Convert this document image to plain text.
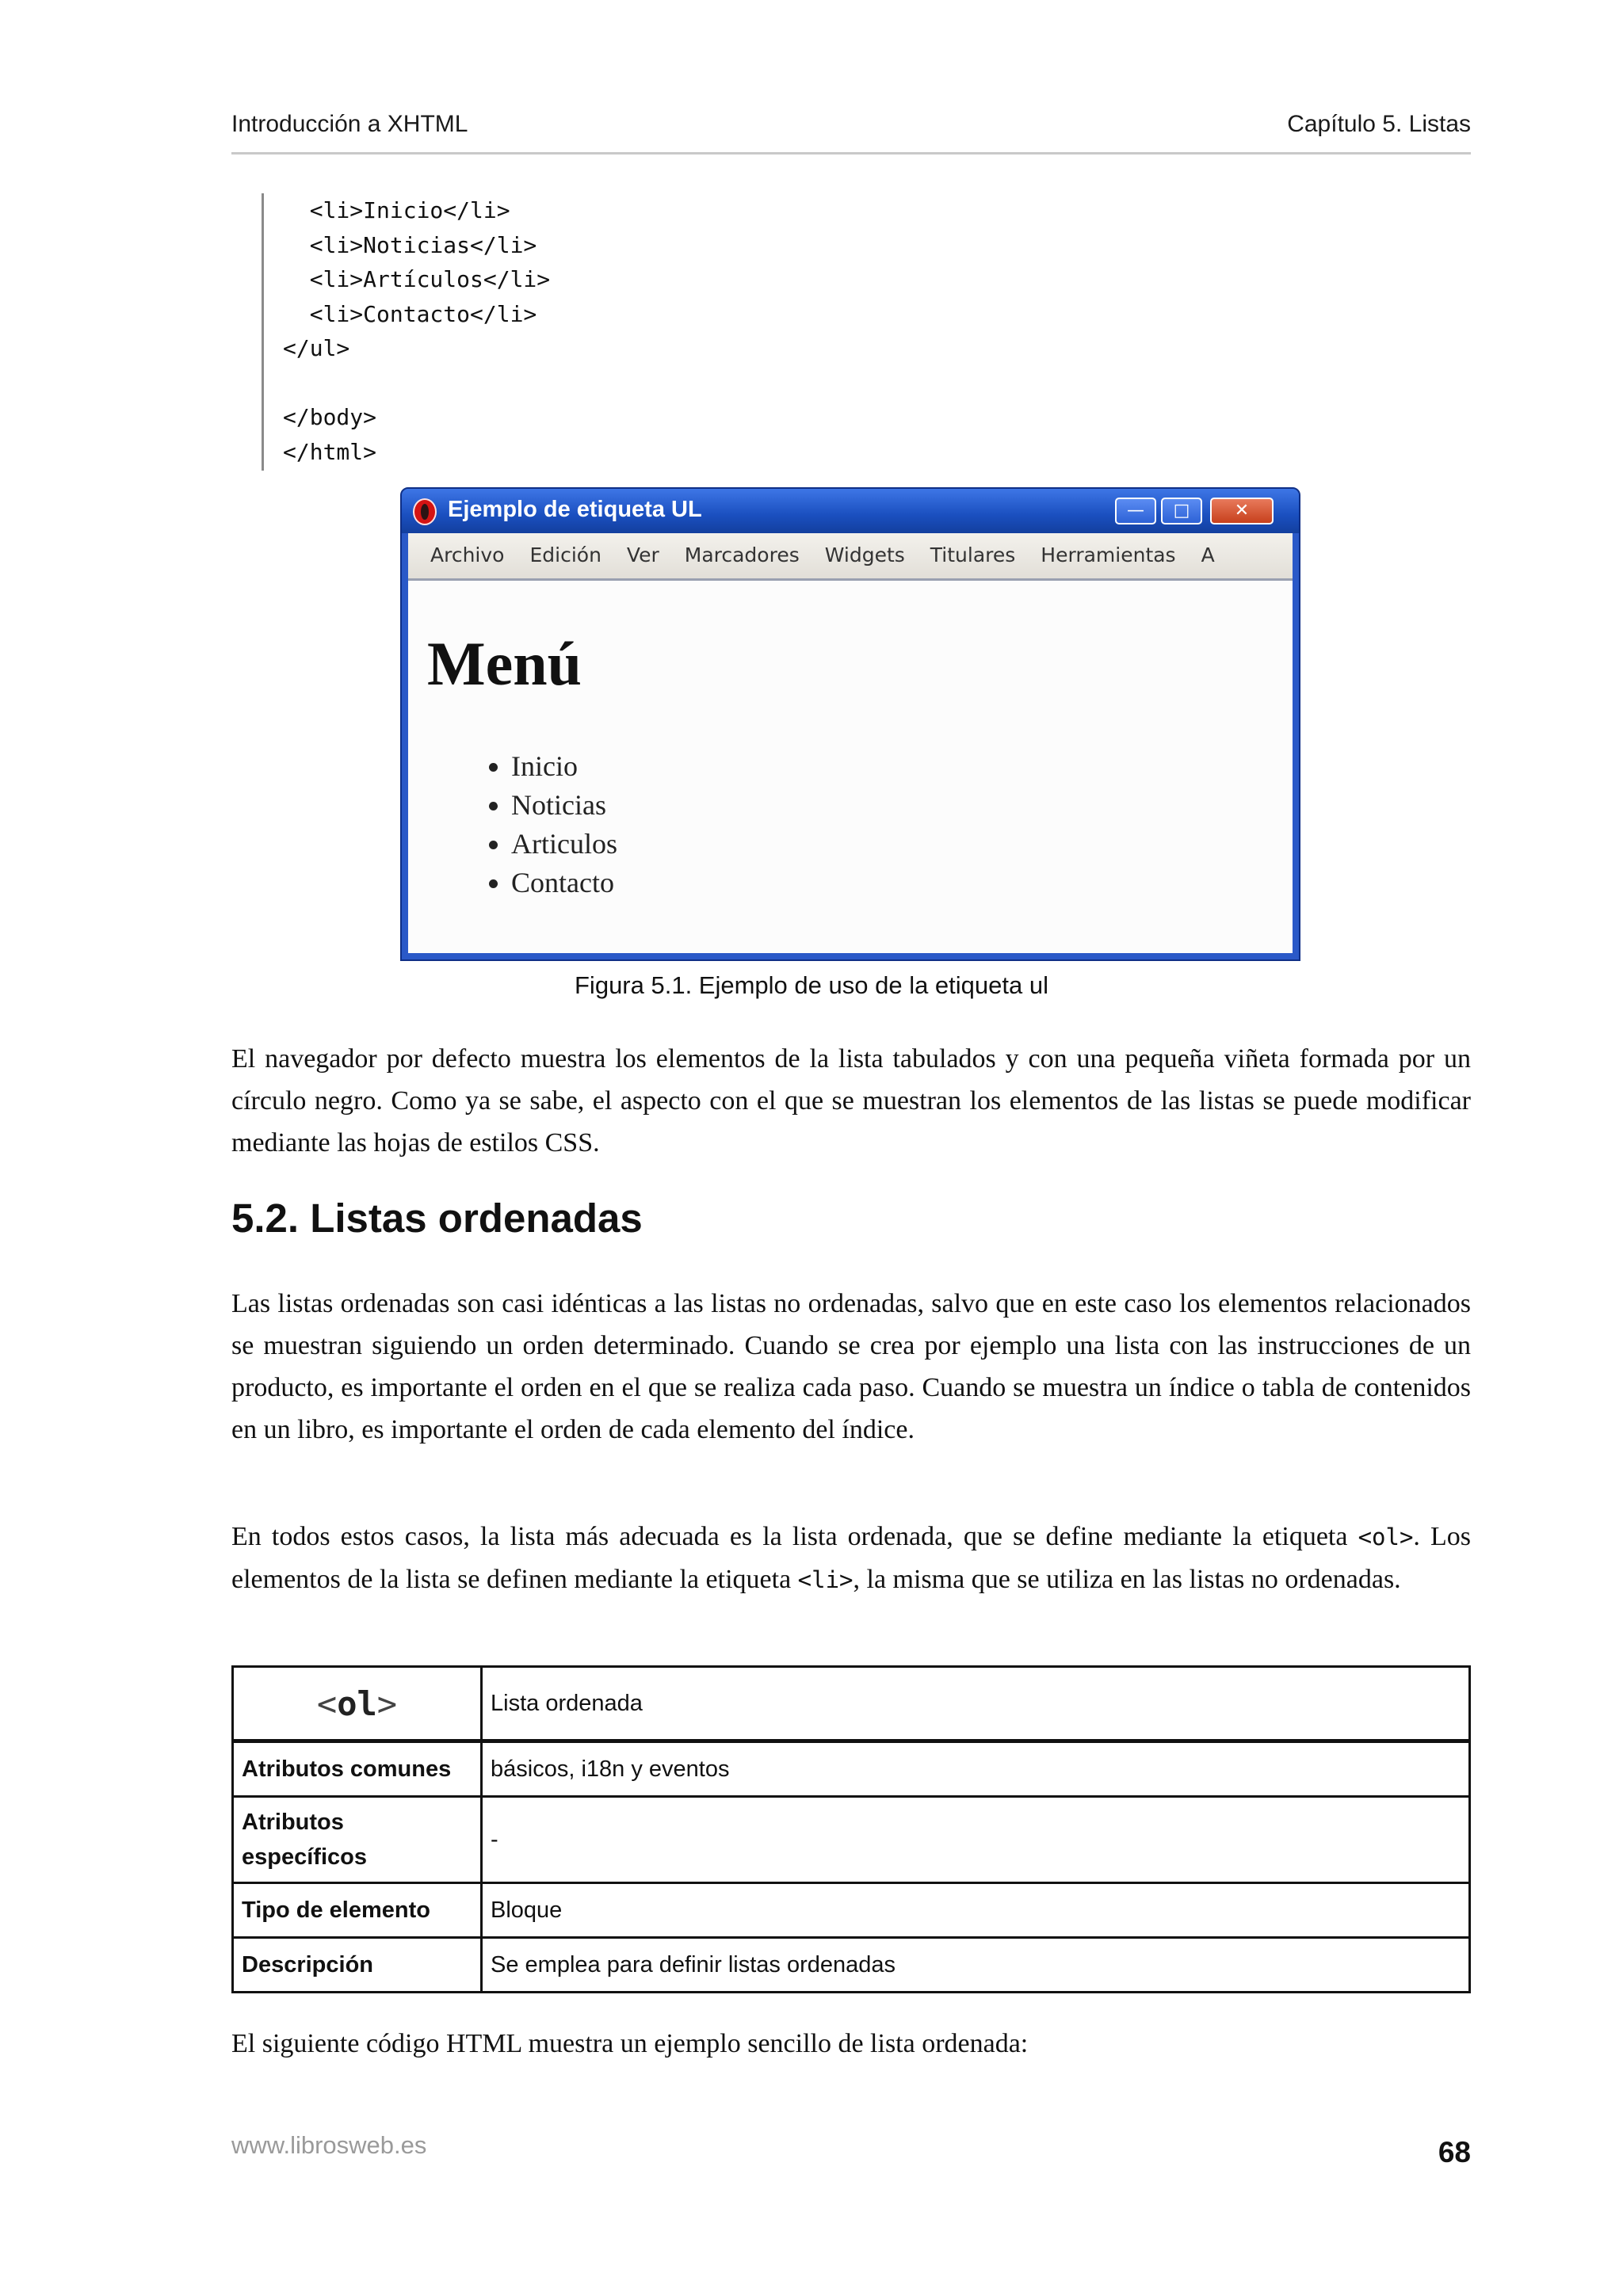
Introducción a XHTML	Capítulo 5. Listas
<li>Inicio</li>
<li>Noticias</li>
<li>Artículos</li>
<li>Contacto</li>
</ul>

</body>
</html>
Ejemplo de etiqueta UL	—	□	✕
Archivo Edición Ver Marcadores Widgets Titulares Herramientas A
Menú
• Inicio
• Noticias
• Articulos
• Contacto
Figura 5.1. Ejemplo de uso de la etiqueta ul

El navegador por defecto muestra los elementos de la lista tabulados y con una pequeña viñeta formada por un círculo negro. Como ya se sabe, el aspecto con el que se muestran los elementos de las listas se puede modificar mediante las hojas de estilos CSS.

5.2. Listas ordenadas

Las listas ordenadas son casi idénticas a las listas no ordenadas, salvo que en este caso los elementos relacionados se muestran siguiendo un orden determinado. Cuando se crea por ejemplo una lista con las instrucciones de un producto, es importante el orden en el que se realiza cada paso. Cuando se muestra un índice o tabla de contenidos en un libro, es importante el orden de cada elemento del índice.

En todos estos casos, la lista más adecuada es la lista ordenada, que se define mediante la etiqueta <ol>. Los elementos de la lista se definen mediante la etiqueta <li>, la misma que se utiliza en las listas no ordenadas.

<ol>	Lista ordenada
Atributos comunes	básicos, i18n y eventos
Atributos específicos	-
Tipo de elemento	Bloque
Descripción	Se emplea para definir listas ordenadas

El siguiente código HTML muestra un ejemplo sencillo de lista ordenada:

www.librosweb.es	68
